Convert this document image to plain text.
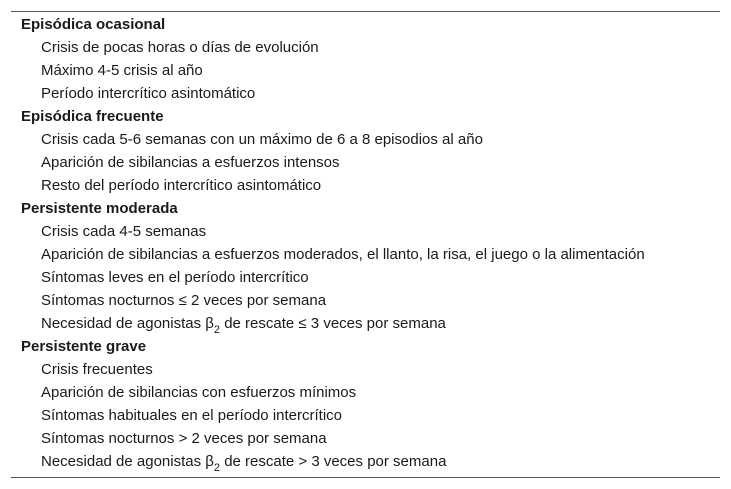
Episódica ocasional
Crisis de pocas horas o días de evolución
Máximo 4-5 crisis al año
Período intercrítico asintomático
Episódica frecuente
Crisis cada 5-6 semanas con un máximo de 6 a 8 episodios al año
Aparición de sibilancias a esfuerzos intensos
Resto del período intercrítico asintomático
Persistente moderada
Crisis cada 4-5 semanas
Aparición de sibilancias a esfuerzos moderados, el llanto, la risa, el juego o la alimentación
Síntomas leves en el período intercrítico
Síntomas nocturnos ≤ 2 veces por semana
Necesidad de agonistas $\beta_2$ de rescate ≤ 3 veces por semana
Persistente grave
Crisis frecuentes
Aparición de sibilancias con esfuerzos mínimos
Síntomas habituales en el período intercrítico
Síntomas nocturnos > 2 veces por semana
Necesidad de agonistas $\beta_2$ de rescate > 3 veces por semana
